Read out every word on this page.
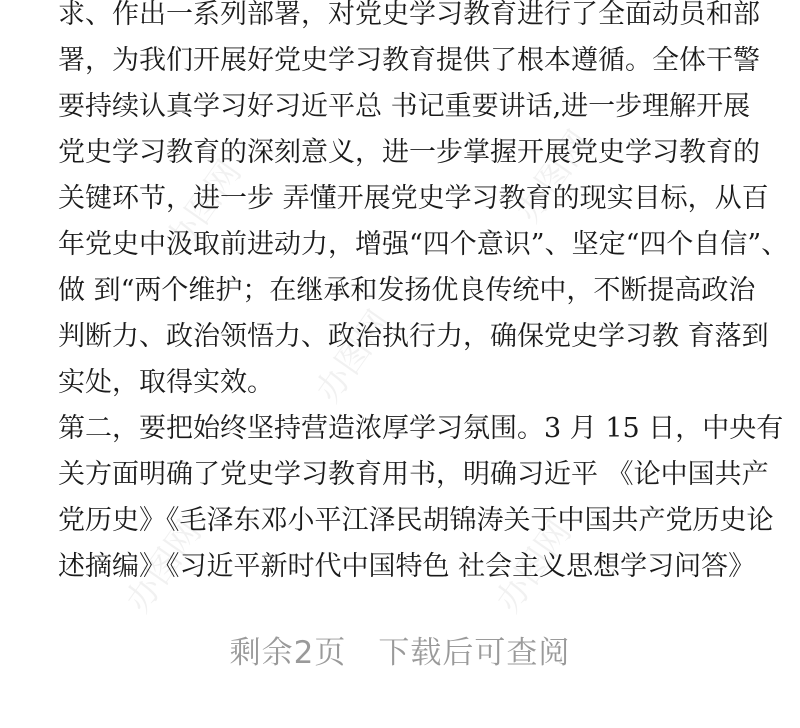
办图网	办图网
办图网
办图网	办图网
求、作出一系列部署，对党史学习教育进行了全面动员和部
署，为我们开展好党史学习教育提供了根本遵循。全体干警
要持续认真学习好习近平总 书记重要讲话,进一步理解开展
党史学习教育的深刻意义，进一步掌握开展党史学习教育的
关键环节，进一步 弄懂开展党史学习教育的现实目标，从百
年党史中汲取前进动力，增强“四个意识”、坚定“四个自信”、
做 到“两个维护；在继承和发扬优良传统中，不断提高政治
判断力、政治领悟力、政治执行力，确保党史学习教 育落到
实处，取得实效。
第二，要把始终坚持营造浓厚学习氛围。3 月 15 日，中央有
关方面明确了党史学习教育用书，明确习近平 《论中国共产
党历史》《毛泽东邓小平江泽民胡锦涛关于中国共产党历史论
述摘编》《习近平新时代中国特色 社会主义思想学习问答》
剩余2页 下载后可查阅
